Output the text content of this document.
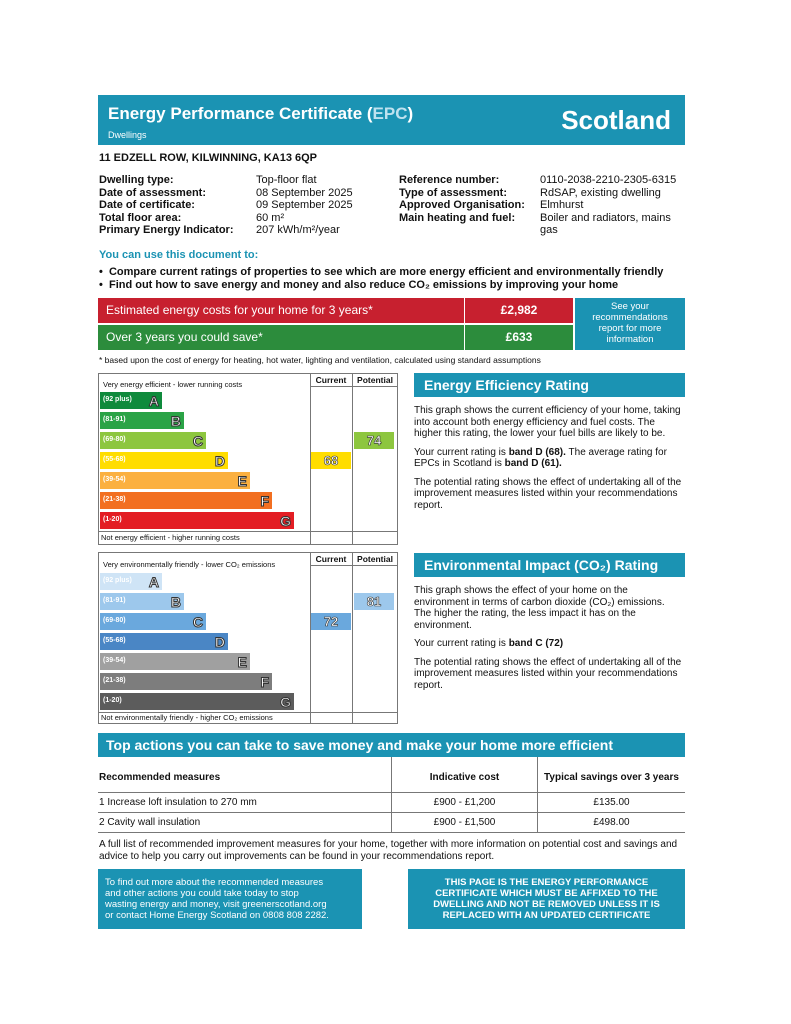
Energy Performance Certificate (EPC)
Dwellings	Scotland
11 EDZELL ROW, KILWINNING, KA13 6QP
Dwelling type:	Top-floor flat
Date of assessment:	08 September 2025
Date of certificate:	09 September 2025
Total floor area:	60 m²
Primary Energy Indicator: 207 kWh/m²/year
Reference number:	0110-2038-2210-2305-6315
Type of assessment:	RdSAP, existing dwelling
Approved Organisation: Elmhurst
Main heating and fuel: Boiler and radiators, mains
gas
You can use this document to:
•  Compare current ratings of properties to see which are more energy efficient and environmentally friendly
•  Find out how to save energy and money and also reduce CO₂ emissions by improving your home
Estimated energy costs for your home for 3 years*	£2,982
Over 3 years you could save*	£633
See your
recommendations
report for more
information
* based upon the cost of energy for heating, hot water, lighting and ventilation, calculated using standard assumptions
Current	Potential
Very energy efficient - lower running costs
Not energy efficient - higher running costs
(92 plus) A
(81-91)	B
(69-80)	C
(55-68)	D
(39-54)	E
(21-38)	F
(1-20)	G
68
74
Energy Efficiency Rating
This graph shows the current efficiency of your home, taking into account both energy efficiency and fuel costs. The higher this rating, the lower your fuel bills are likely to be.
Your current rating is band D (68). The average rating for EPCs in Scotland is band D (61).
The potential rating shows the effect of undertaking all of the improvement measures listed within your recommendations report.
Current	Potential
Very environmentally friendly - lower CO₂ emissions
Not environmentally friendly - higher CO₂ emissions
(92 plus) A
(81-91)	B
(69-80)	C
(55-68)	D
(39-54)	E
(21-38)	F
(1-20)	G
72
81
Environmental Impact (CO₂) Rating
This graph shows the effect of your home on the environment in terms of carbon dioxide (CO₂) emissions. The higher the rating, the less impact it has on the environment.
Your current rating is band C (72)
The potential rating shows the effect of undertaking all of the improvement measures listed within your recommendations report.
Top actions you can take to save money and make your home more efficient
Recommended measures	Indicative cost	Typical savings over 3 years
1 Increase loft insulation to 270 mm	£900 - £1,200	£135.00
2 Cavity wall insulation	£900 - £1,500	£498.00
A full list of recommended improvement measures for your home, together with more information on potential cost and savings and advice to help you carry out improvements can be found in your recommendations report.
To find out more about the recommended measures
and other actions you could take today to stop
wasting energy and money, visit greenerscotland.org
or contact Home Energy Scotland on 0808 808 2282.
THIS PAGE IS THE ENERGY PERFORMANCE
CERTIFICATE WHICH MUST BE AFFIXED TO THE
DWELLING AND NOT BE REMOVED UNLESS IT IS
REPLACED WITH AN UPDATED CERTIFICATE
